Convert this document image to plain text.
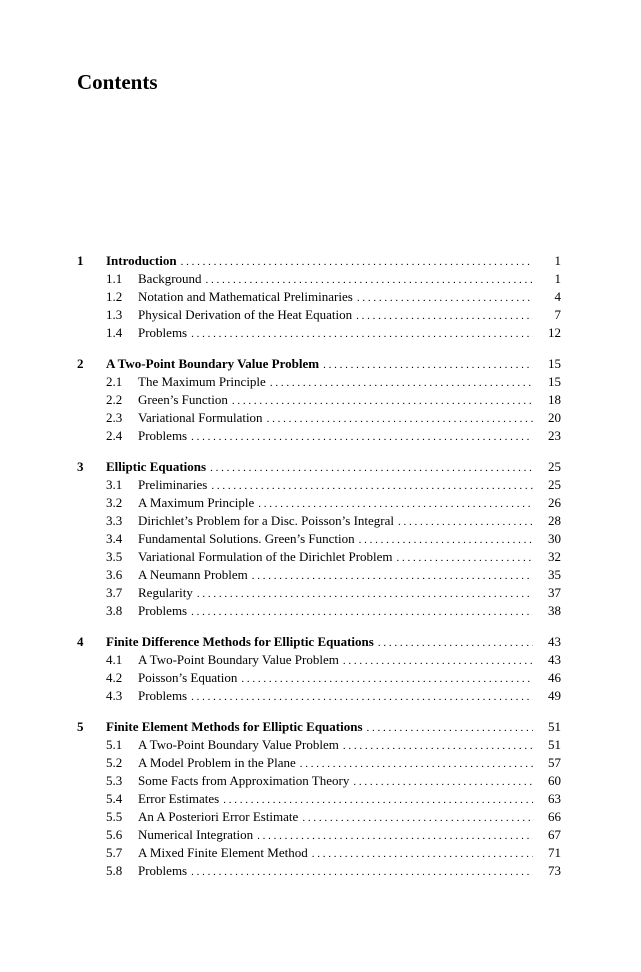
Contents
1	Introduction . . .	1
1.1	Background . . .	1
1.2	Notation and Mathematical Preliminaries . . .	4
1.3	Physical Derivation of the Heat Equation . . .	7
1.4	Problems . . .	12
2	A Two-Point Boundary Value Problem . . .	15
2.1	The Maximum Principle . . .	15
2.2	Green’s Function . . .	18
2.3	Variational Formulation . . .	20
2.4	Problems . . .	23
3	Elliptic Equations . . .	25
3.1	Preliminaries . . .	25
3.2	A Maximum Principle . . .	26
3.3	Dirichlet’s Problem for a Disc. Poisson’s Integral . . .	28
3.4	Fundamental Solutions. Green’s Function . . .	30
3.5	Variational Formulation of the Dirichlet Problem . . .	32
3.6	A Neumann Problem . . .	35
3.7	Regularity . . .	37
3.8	Problems . . .	38
4	Finite Difference Methods for Elliptic Equations . . .	43
4.1	A Two-Point Boundary Value Problem . . .	43
4.2	Poisson’s Equation . . .	46
4.3	Problems . . .	49
5	Finite Element Methods for Elliptic Equations . . .	51
5.1	A Two-Point Boundary Value Problem . . .	51
5.2	A Model Problem in the Plane . . .	57
5.3	Some Facts from Approximation Theory . . .	60
5.4	Error Estimates . . .	63
5.5	An A Posteriori Error Estimate . . .	66
5.6	Numerical Integration . . .	67
5.7	A Mixed Finite Element Method . . .	71
5.8	Problems . . .	73
